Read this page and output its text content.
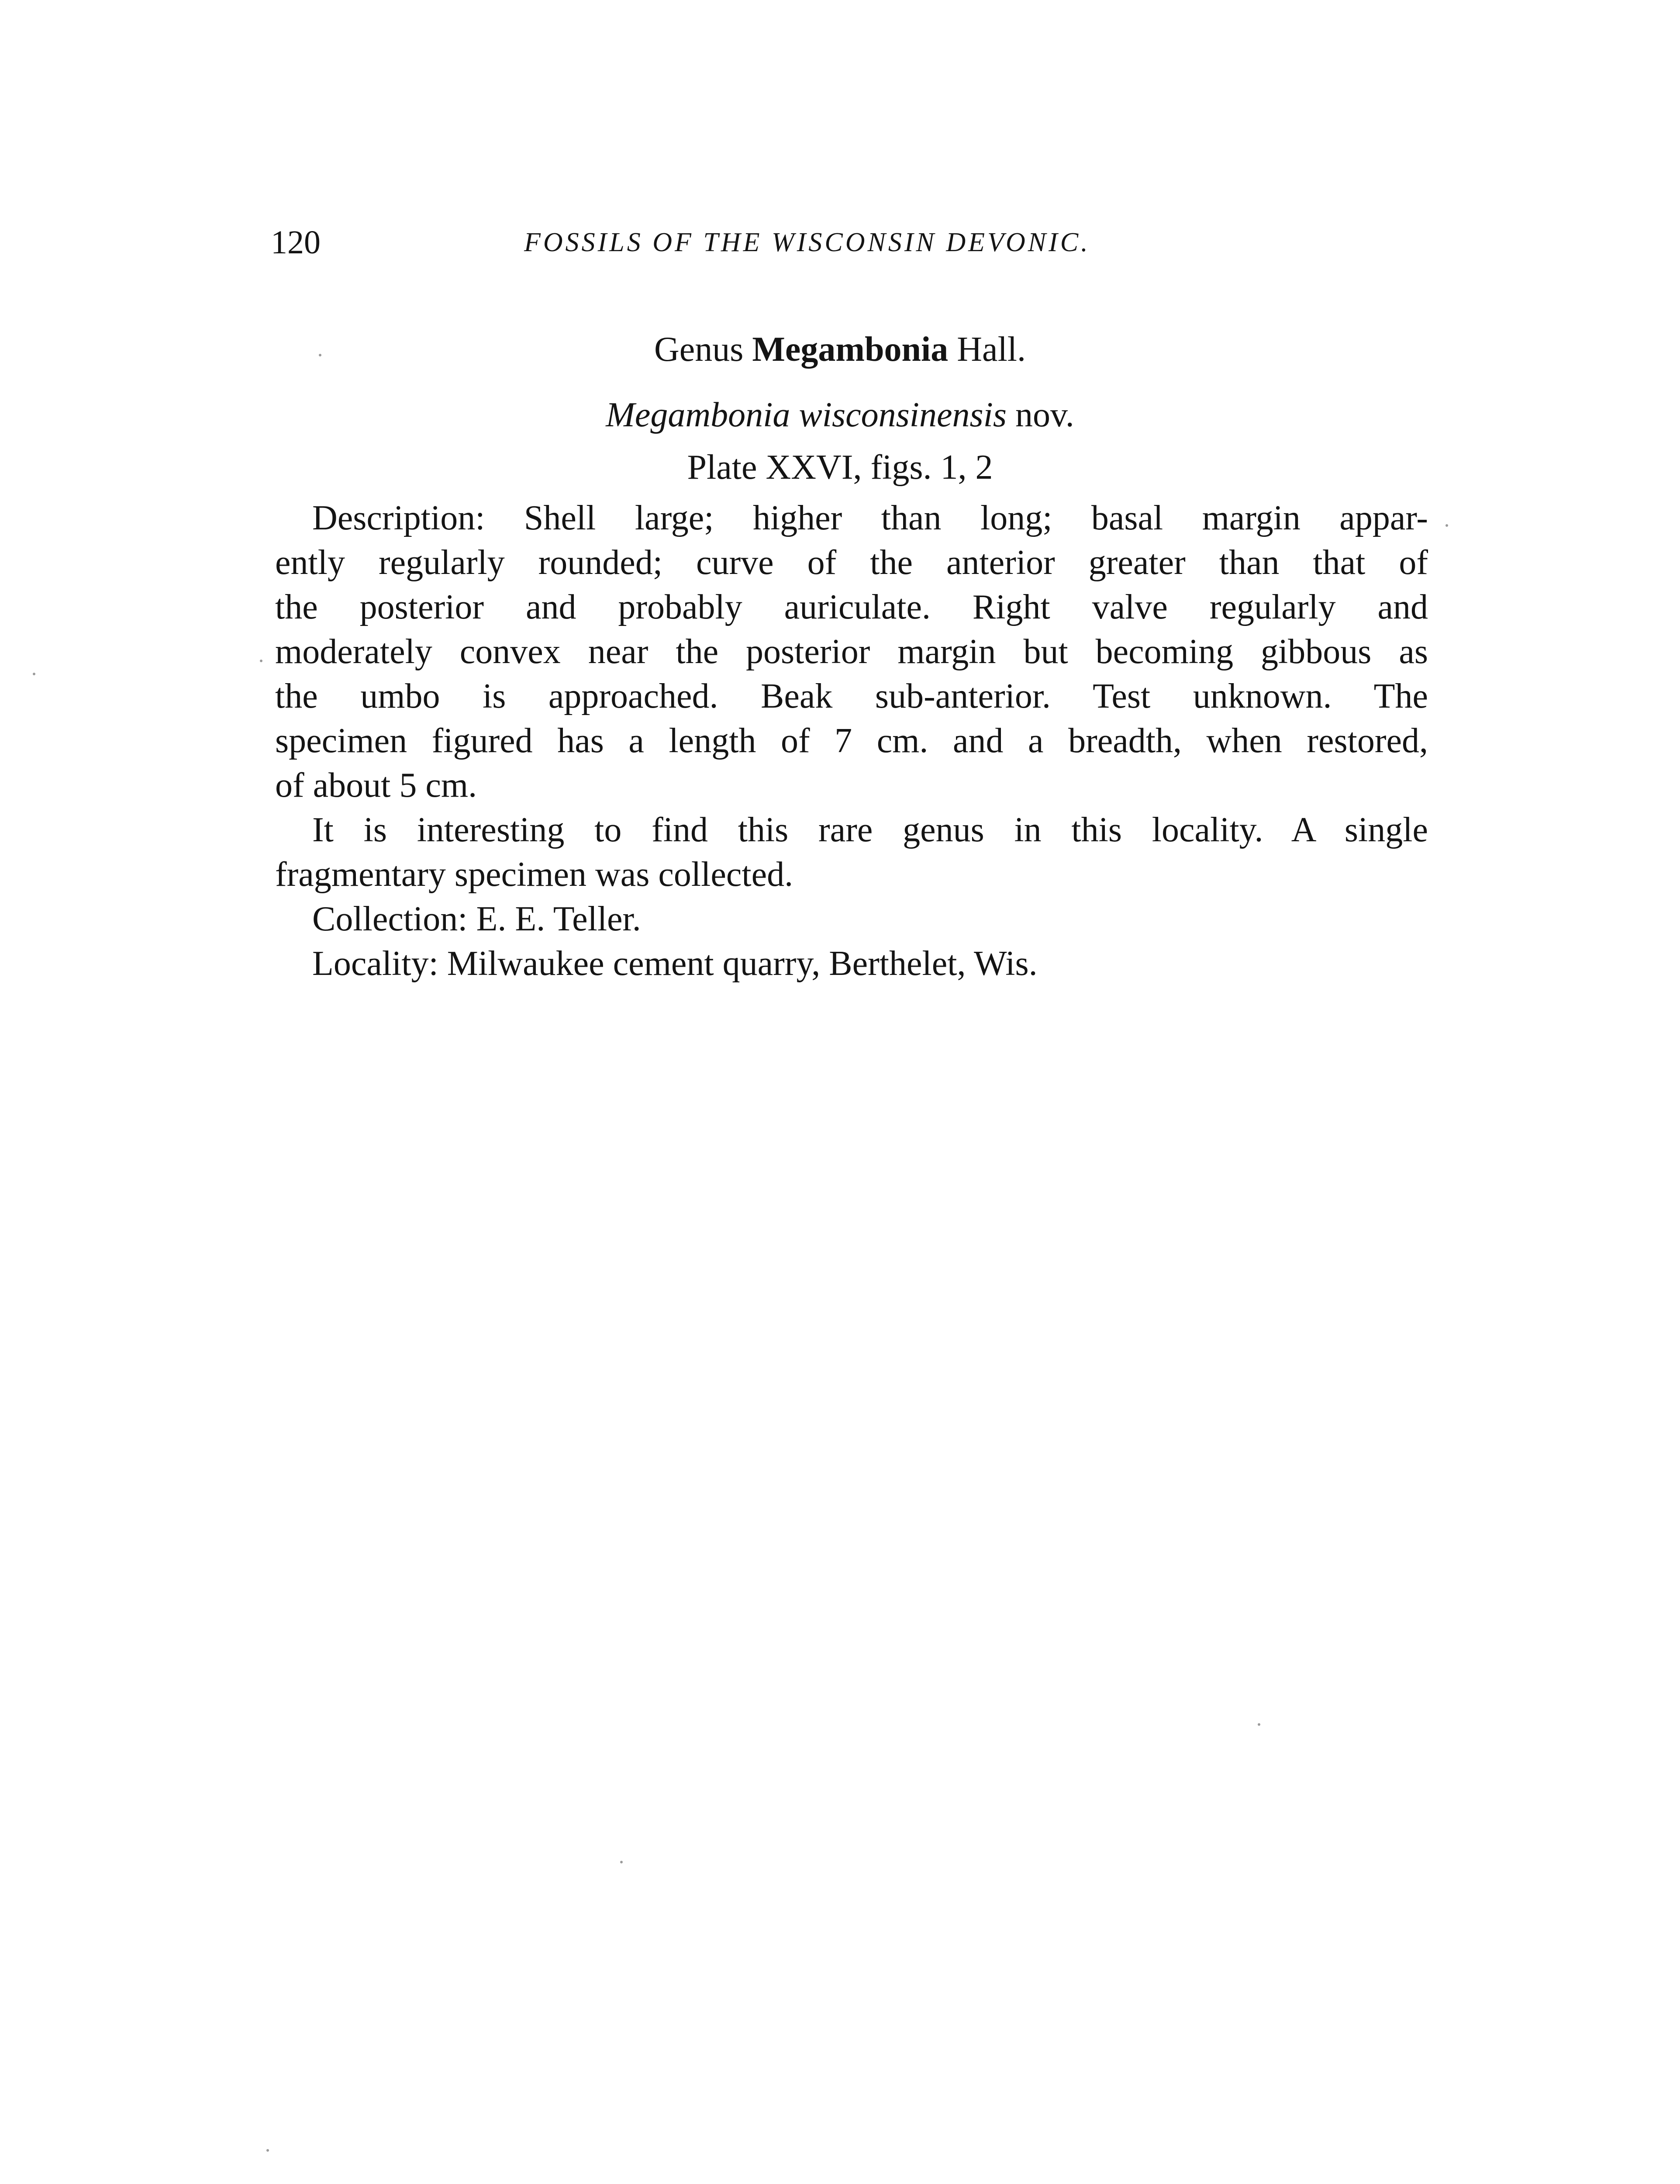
120	FOSSILS OF THE WISCONSIN DEVONIC.
Genus Megambonia Hall.
Megambonia wisconsinensis nov.
Plate XXVI, figs. 1, 2
Description: Shell large; higher than long; basal margin appar-
ently regularly rounded; curve of the anterior greater than that of
the posterior and probably auriculate. Right valve regularly and
moderately convex near the posterior margin but becoming gibbous as
the umbo is approached. Beak sub-anterior. Test unknown. The
specimen figured has a length of 7 cm. and a breadth, when restored,
of about 5 cm.
It is interesting to find this rare genus in this locality. A single
fragmentary specimen was collected.
Collection: E. E. Teller.
Locality: Milwaukee cement quarry, Berthelet, Wis.
